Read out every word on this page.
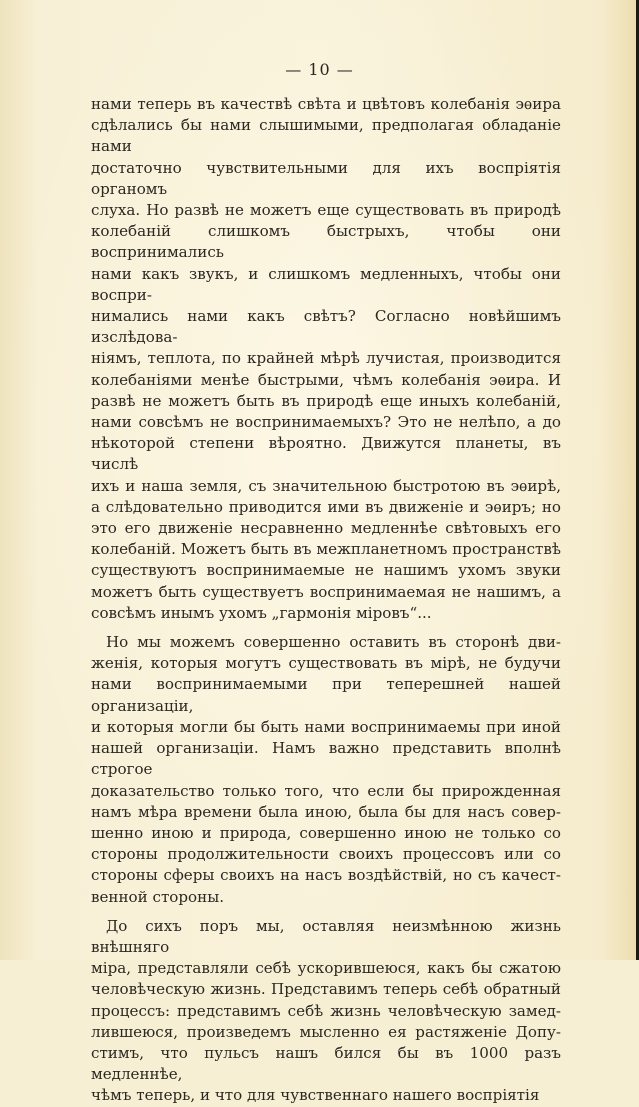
— 10 —

нами теперь въ качествѣ свѣта и цвѣтовъ колебанія эѳира

сдѣлались бы нами слышимыми, предполагая обладаніе нами

достаточно чувствительными для ихъ воспріятія органомъ

слуха. Но развѣ не можетъ еще существовать въ природѣ

колебаній слишкомъ быстрыхъ, чтобы они воспринимались

нами какъ звукъ, и слишкомъ медленныхъ, чтобы они воспри-

нимались нами какъ свѣтъ? Согласно новѣйшимъ изслѣдова-

ніямъ, теплота, по крайней мѣрѣ лучистая, производится

колебаніями менѣе быстрыми, чѣмъ колебанія эѳира. И

развѣ не можетъ быть въ природѣ еще иныхъ колебаній,

нами совсѣмъ не воспринимаемыхъ? Это не нелѣпо, а до

нѣкоторой степени вѣроятно. Движутся планеты, въ числѣ

ихъ и наша земля, съ значительною быстротою въ эѳирѣ,

а слѣдовательно приводится ими въ движеніе и эѳиръ; но

это его движеніе несравненно медленнѣе свѣтовыхъ его

колебаній. Можетъ быть въ межпланетномъ пространствѣ

существуютъ воспринимаемые не нашимъ ухомъ звуки

можетъ быть существуетъ воспринимаемая не нашимъ, а

совсѣмъ инымъ ухомъ „гармонія міровъ“...

Но мы можемъ совершенно оставить въ сторонѣ дви-

женія, которыя могутъ существовать въ мірѣ, не будучи

нами воспринимаемыми при теперешней нашей организаціи,

и которыя могли бы быть нами воспринимаемы при иной

нашей организаціи. Намъ важно представить вполнѣ строгое

доказательство только того, что если бы прирожденная

намъ мѣра времени была иною, была бы для насъ совер-

шенно иною и природа, совершенно иною не только со

стороны продолжительности своихъ процессовъ или со

стороны сферы своихъ на насъ воздѣйствій, но съ качест-

венной стороны.

До сихъ поръ мы, оставляя неизмѣнною жизнь внѣшняго

міра, представляли себѣ ускорившеюся, какъ бы сжатою

человѣческую жизнь. Представимъ теперь себѣ обратный

процессъ: представимъ себѣ жизнь человѣческую замед-

лившеюся, произведемъ мысленно ея растяженіе Допу-

стимъ, что пульсъ нашъ бился бы въ 1000 разъ медленнѣе,

чѣмъ теперь, и что для чувственнаго нашего воспріятія
